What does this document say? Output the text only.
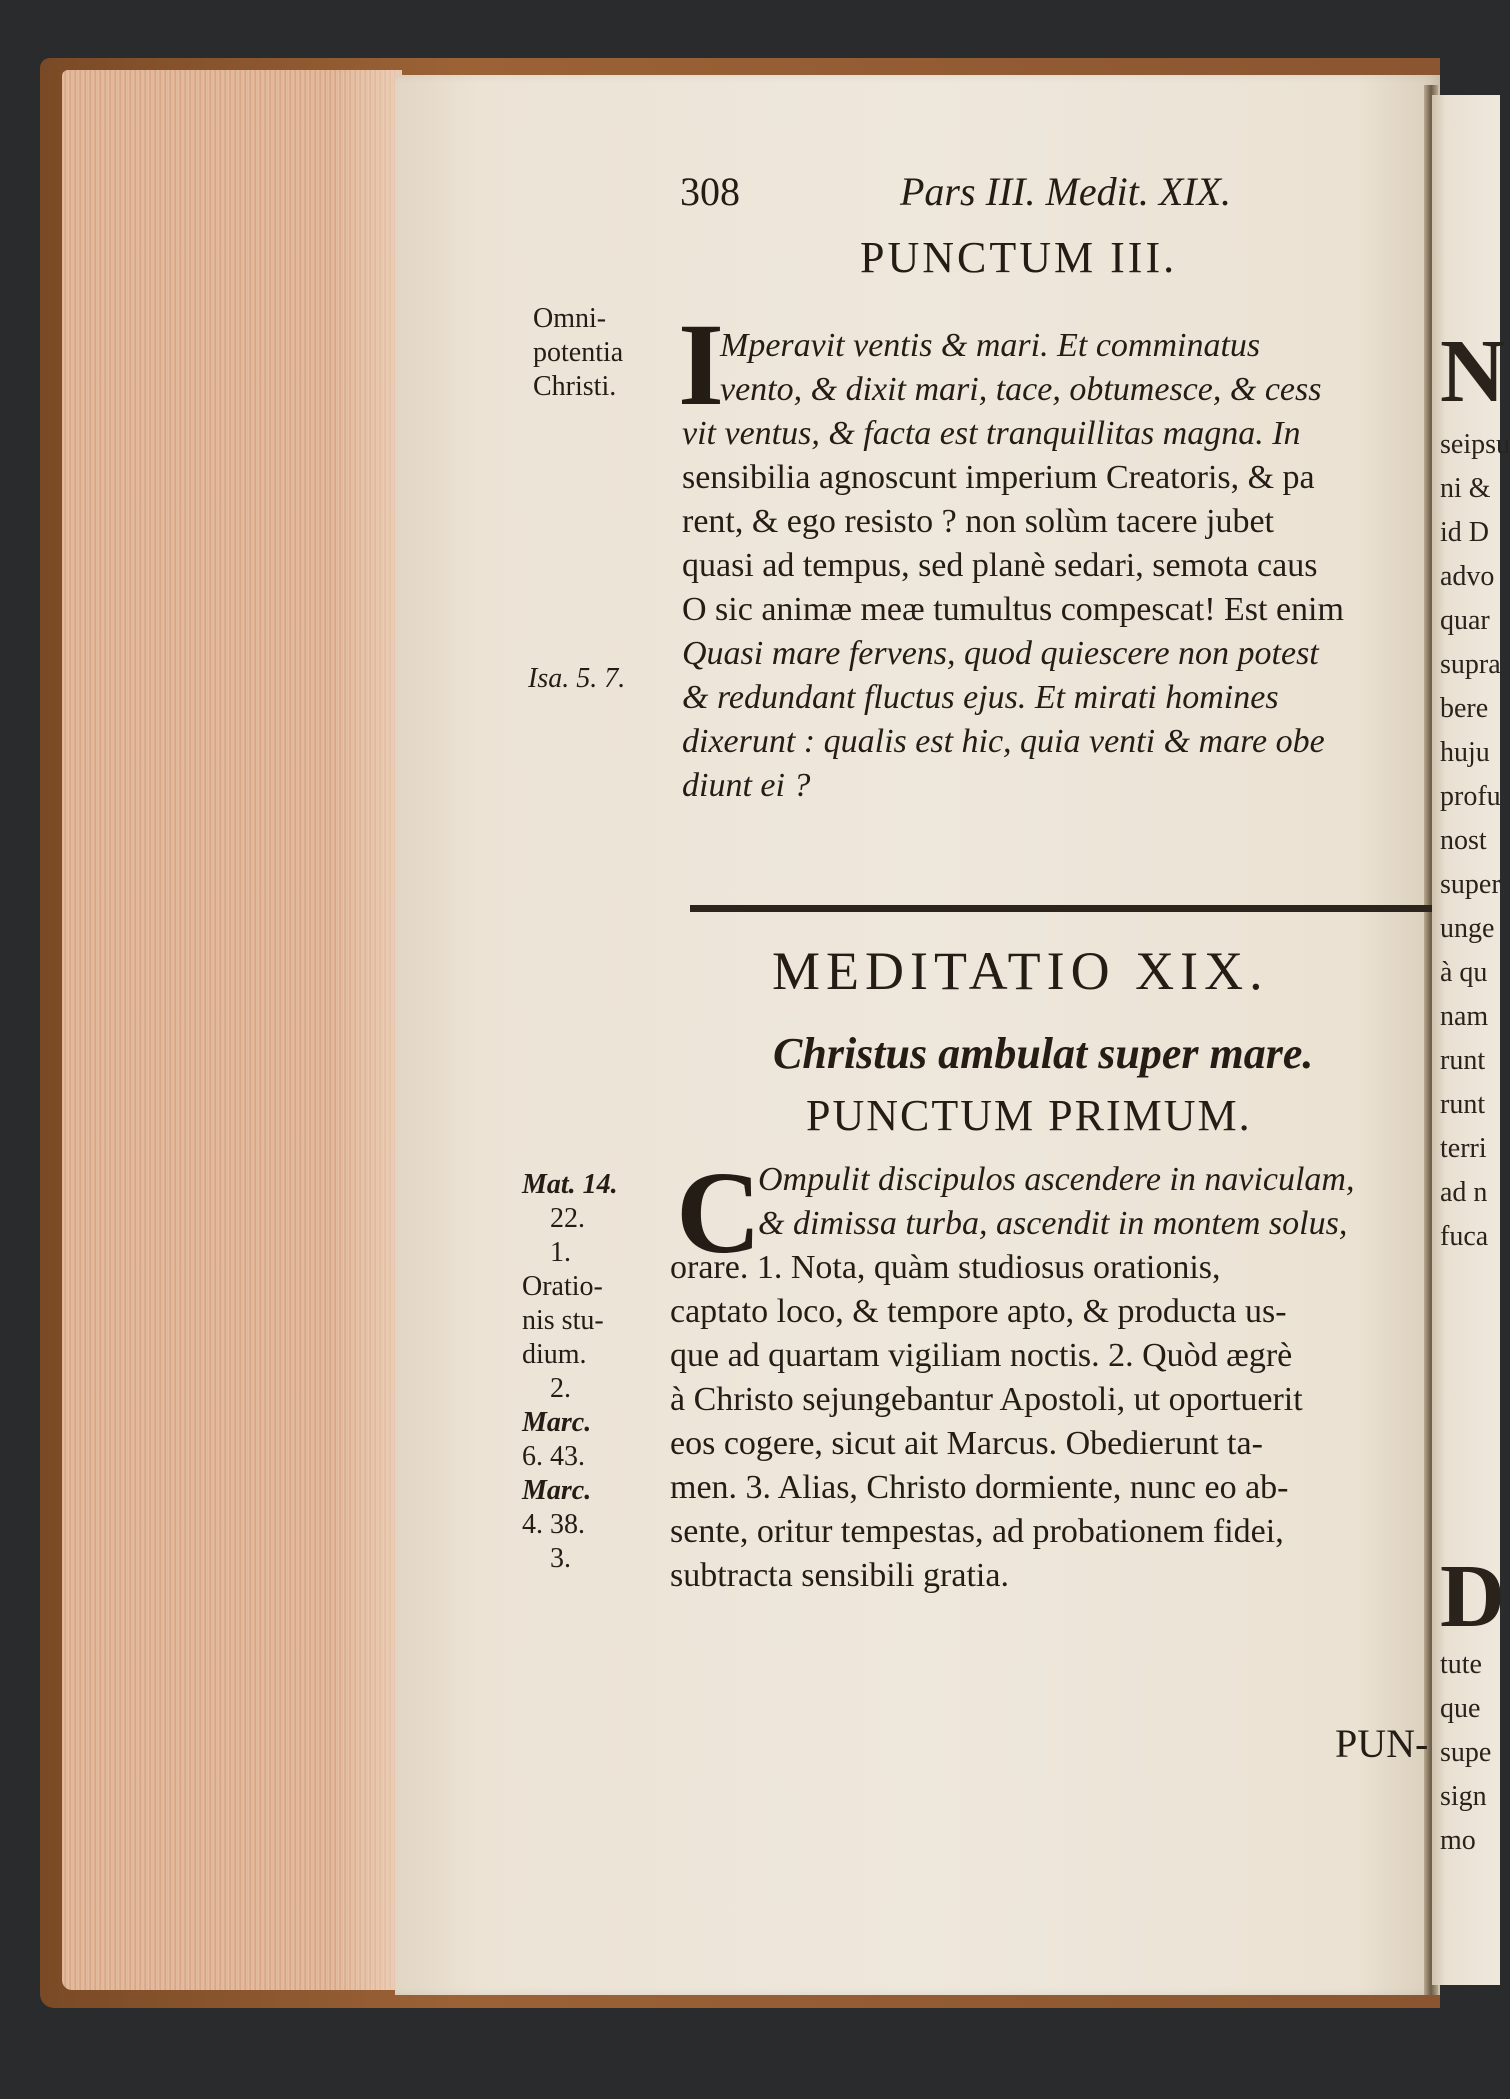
N
seipsu
ni &
id D
advo
quar
supra
bere
huju
profu
nost
super
unge
à qu
nam
runt
runt
terri
ad n
fuca
D
tute
que
supe
sign
mo
308	Pars III. Medit. XIX.
PUNCTUM III.
Omni-
potentia
Christi. I
Mperavit ventis & mari. Et comminatus
vento, & dixit mari, tace, obtumesce, & cess
vit ventus, & facta est tranquillitas magna. In
sensibilia agnoscunt imperium Creatoris, & pa
rent, & ego resisto ? non solùm tacere jubet
quasi ad tempus, sed planè sedari, semota caus
O sic animæ meæ tumultus compescat! Est enim
Quasi mare fervens, quod quiescere non potest
& redundant fluctus ejus. Et mirati homines
dixerunt : qualis est hic, quia venti & mare obe
diunt ei ?
Isa. 5. 7.
MEDITATIO XIX.
Christus ambulat super mare.
PUNCTUM PRIMUM.
C
Ompulit discipulos ascendere in naviculam,
& dimissa turba, ascendit in montem solus,
orare. 1. Nota, quàm studiosus orationis,
captato loco, & tempore apto, & producta us-
que ad quartam vigiliam noctis. 2. Quòd ægrè
à Christo sejungebantur Apostoli, ut oportuerit
eos cogere, sicut ait Marcus. Obedierunt ta-
men. 3. Alias, Christo dormiente, nunc eo ab-
sente, oritur tempestas, ad probationem fidei,
subtracta sensibili gratia.
Mat. 14.
22.
1.
Oratio-
nis stu-
dium.
2.
Marc.
6. 43.
Marc.
4. 38.
3.
PUN-
